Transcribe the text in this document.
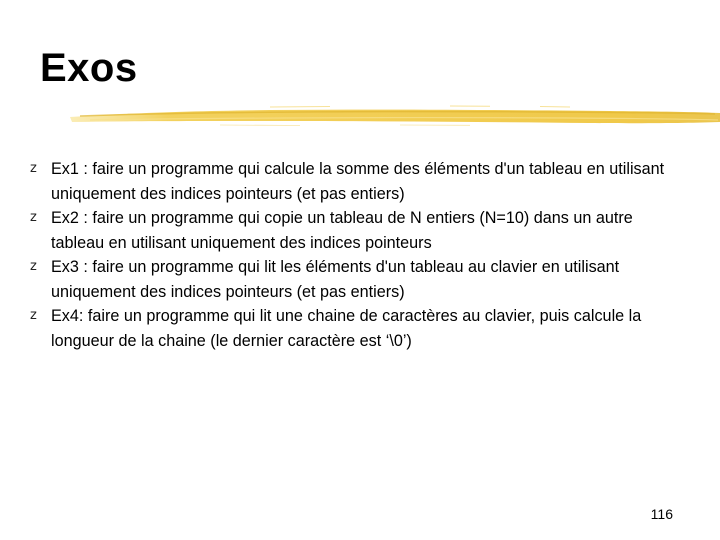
Exos
z Ex1 : faire un programme qui calcule la somme des éléments d'un tableau en utilisant uniquement des indices pointeurs (et pas entiers)
z Ex2 : faire un programme qui copie un tableau de N entiers (N=10) dans un autre tableau en utilisant uniquement des indices pointeurs
z Ex3 : faire un programme qui lit les éléments d'un tableau au clavier en utilisant uniquement des indices pointeurs (et pas entiers)
z Ex4: faire un programme qui lit une chaine de caractères au clavier, puis calcule la longueur de la chaine (le dernier caractère est ‘\0’)
116
